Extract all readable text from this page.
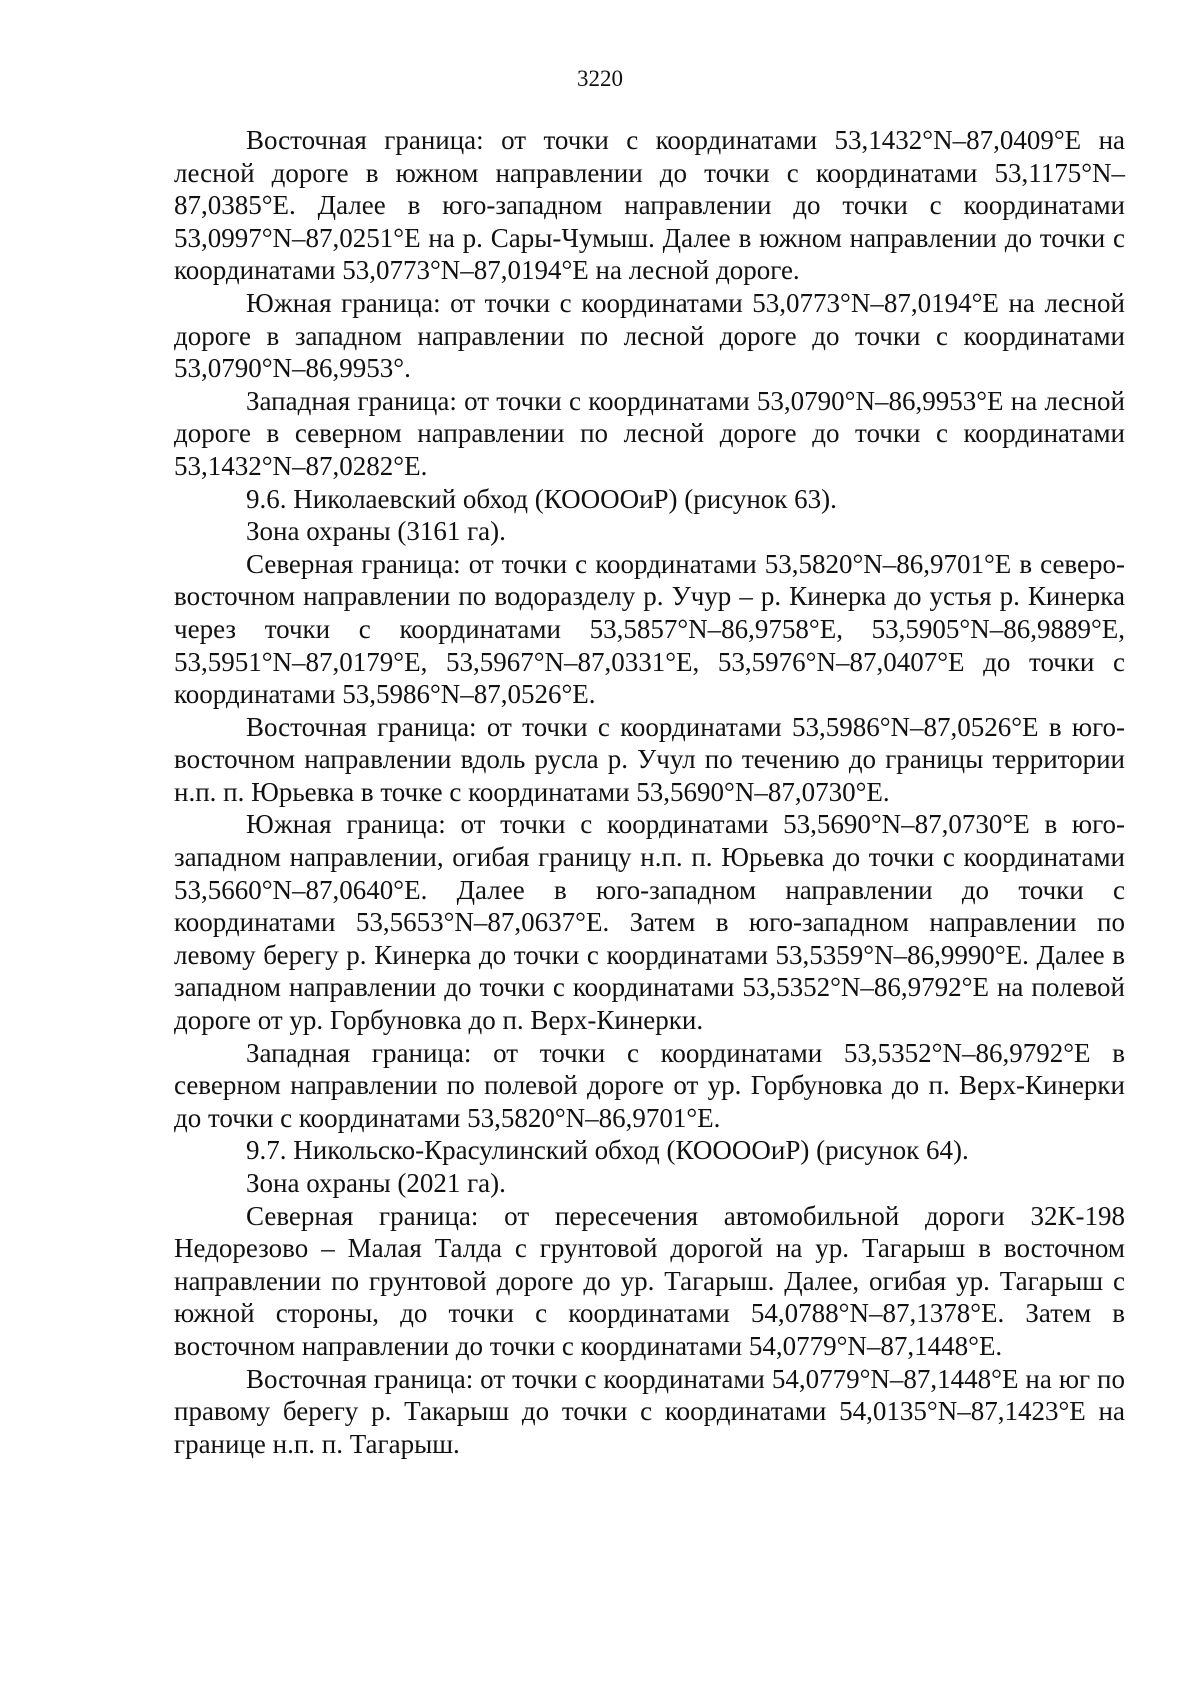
3220

Восточная граница: от точки с координатами 53,1432°N–87,0409°E на лесной дороге в южном направлении до точки с координатами 53,1175°N–87,0385°E. Далее в юго-западном направлении до точки с координатами 53,0997°N–87,0251°E на р. Сары-Чумыш. Далее в южном направлении до точки с координатами 53,0773°N–87,0194°E на лесной дороге.

Южная граница: от точки с координатами 53,0773°N–87,0194°E на лесной дороге в западном направлении по лесной дороге до точки с координатами 53,0790°N–86,9953°.

Западная граница: от точки с координатами 53,0790°N–86,9953°E на лесной дороге в северном направлении по лесной дороге до точки с координатами 53,1432°N–87,0282°E.

9.6. Николаевский обход (КООООиР) (рисунок 63).

Зона охраны (3161 га).

Северная граница: от точки с координатами 53,5820°N–86,9701°E в северо-восточном направлении по водоразделу р. Учур – р. Кинерка до устья р. Кинерка через точки с координатами 53,5857°N–86,9758°E, 53,5905°N–86,9889°E, 53,5951°N–87,0179°E, 53,5967°N–87,0331°E, 53,5976°N–87,0407°E до точки с координатами 53,5986°N–87,0526°E.

Восточная граница: от точки с координатами 53,5986°N–87,0526°E в юго-восточном направлении вдоль русла р. Учул по течению до границы территории н.п. п. Юрьевка в точке с координатами 53,5690°N–87,0730°E.

Южная граница: от точки с координатами 53,5690°N–87,0730°E в юго-западном направлении, огибая границу н.п. п. Юрьевка до точки с координатами 53,5660°N–87,0640°E. Далее в юго-западном направлении до точки с координатами 53,5653°N–87,0637°E. Затем в юго-западном направлении по левому берегу р. Кинерка до точки с координатами 53,5359°N–86,9990°E. Далее в западном направлении до точки с координатами 53,5352°N–86,9792°E на полевой дороге от ур. Горбуновка до п. Верх-Кинерки.

Западная граница: от точки с координатами 53,5352°N–86,9792°E в северном направлении по полевой дороге от ур. Горбуновка до п. Верх-Кинерки до точки с координатами 53,5820°N–86,9701°E.

9.7. Никольско-Красулинский обход (КООООиР) (рисунок 64).

Зона охраны (2021 га).

Северная граница: от пересечения автомобильной дороги 32К-198 Недорезово – Малая Талда с грунтовой дорогой на ур. Тагарыш в восточном направлении по грунтовой дороге до ур. Тагарыш. Далее, огибая ур. Тагарыш с южной стороны, до точки с координатами 54,0788°N–87,1378°E. Затем в восточном направлении до точки с координатами 54,0779°N–87,1448°E.

Восточная граница: от точки с координатами 54,0779°N–87,1448°E на юг по правому берегу р. Такарыш до точки с координатами 54,0135°N–87,1423°E на границе н.п. п. Тагарыш.
